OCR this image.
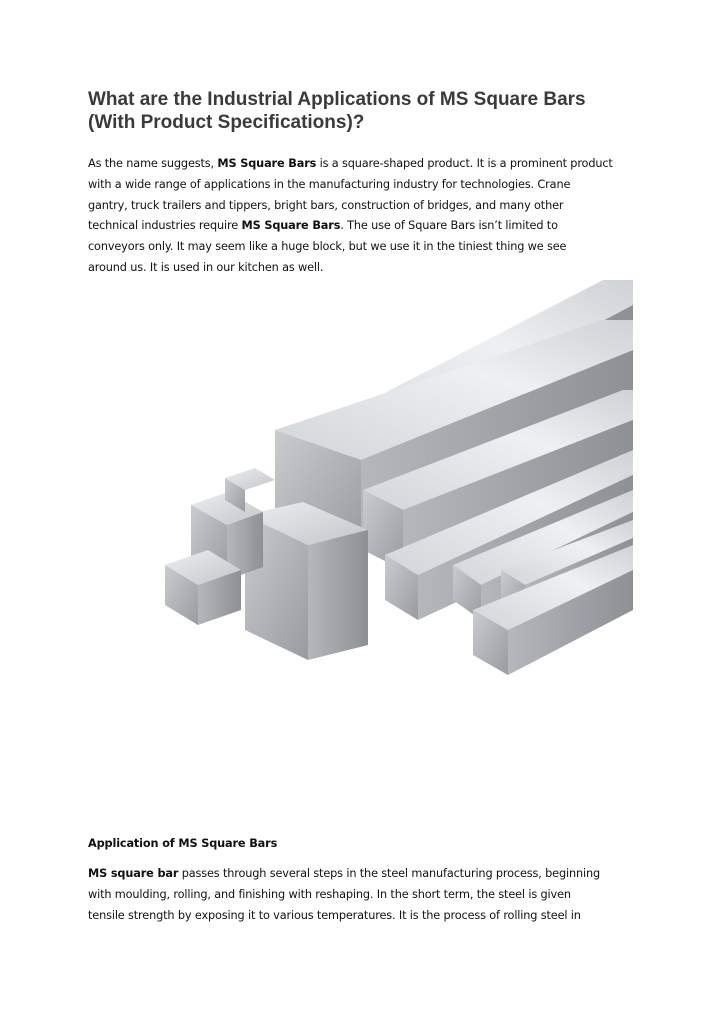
What are the Industrial Applications of MS Square Bars
(With Product Specifications)?

As the name suggests, MS Square Bars is a square-shaped product. It is a prominent product
with a wide range of applications in the manufacturing industry for technologies. Crane
gantry, truck trailers and tippers, bright bars, construction of bridges, and many other
technical industries require MS Square Bars. The use of Square Bars isn’t limited to
conveyors only. It may seem like a huge block, but we use it in the tiniest thing we see
around us. It is used in our kitchen as well.

Application of MS Square Bars

MS square bar passes through several steps in the steel manufacturing process, beginning
with moulding, rolling, and finishing with reshaping. In the short term, the steel is given
tensile strength by exposing it to various temperatures. It is the process of rolling steel in
